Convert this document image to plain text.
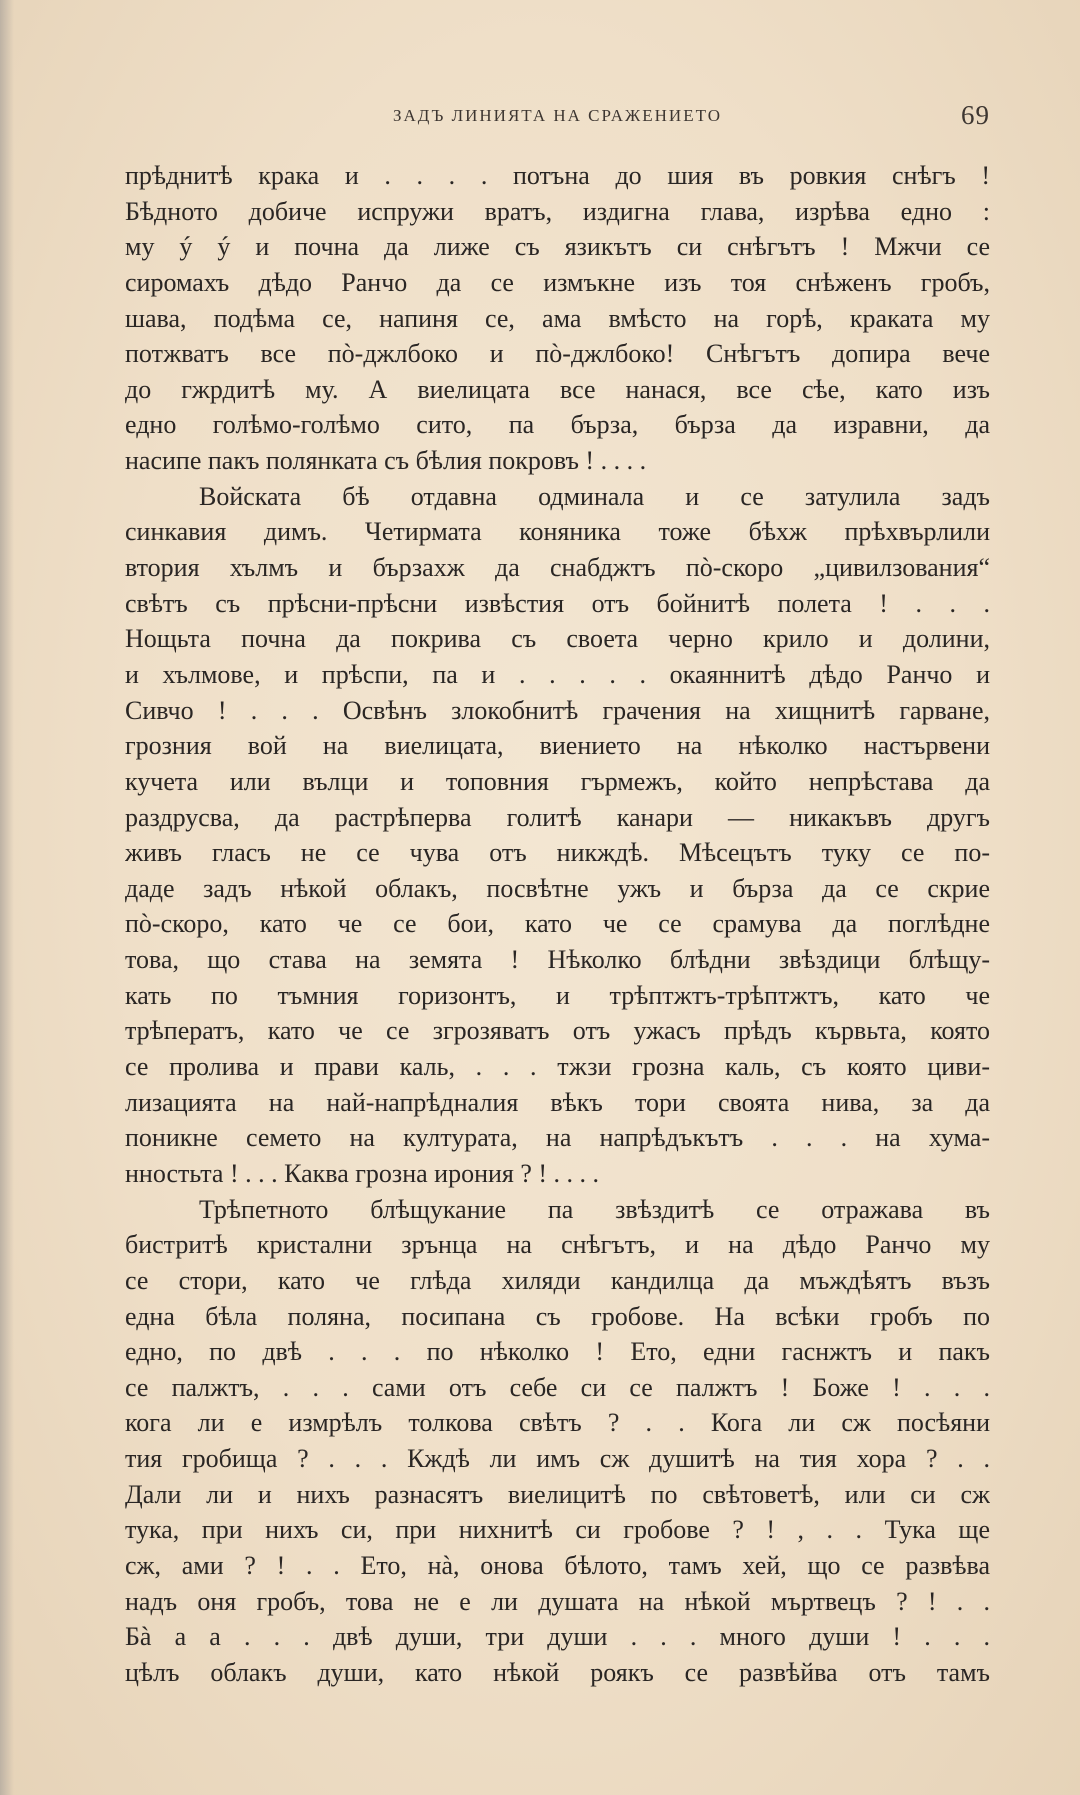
ЗАДЪ ЛИНИЯТА НА СРАЖЕНИЕТО	69
прѣднитѣ крака и . . . . потъна до шия въ ровкия снѣгъ !
Бѣдното добиче испружи вратъ, издигна глава, изрѣва едно :
му ý ý и почна да лиже съ язикътъ си снѣгътъ ! Мжчи се
сиромахъ дѣдо Ранчо да се измъкне изъ тоя снѣженъ гробъ,
шава, подѣма се, напиня се, ама вмѣсто на горѣ, краката му
потжватъ все пò-джлбоко и пò-джлбоко! Снѣгътъ допира вече
до гжрдитѣ му. А виелицата все нанася, все сѣе, като изъ
едно голѣмо-голѣмо сито, па бърза, бърза да изравни, да
насипе пакъ полянката съ бѣлия покровъ ! . . . .
Войската бѣ отдавна одминала и се затулила задъ
синкавия димъ. Четирмата коняника тоже бѣхж прѣхвърлили
втория хълмъ и бързахж да снабджтъ пò-скоро „цивилзования“
свѣтъ съ прѣсни-прѣсни извѣстия отъ бойнитѣ полета ! . . .
Нощьта почна да покрива съ своета черно крило и долини,
и хълмове, и прѣспи, па и . . . . . окаяннитѣ дѣдо Ранчо и
Сивчо ! . . . Освѣнъ злокобнитѣ грачения на хищнитѣ гарване,
грозния вой на виелицата, виението на нѣколко настървени
кучета или вълци и топовния гърмежъ, който непрѣстава да
раздрусва, да растрѣперва голитѣ канари — никакъвъ другъ
живъ гласъ не се чува отъ никждѣ. Мѣсецътъ туку се по-
даде задъ нѣкой облакъ, посвѣтне ужъ и бърза да се скрие
пò-скоро, като че се бои, като че се срамува да поглѣдне
това, що става на земята ! Нѣколко блѣдни звѣздици блѣщу-
кать по тъмния горизонтъ, и трѣптжтъ-трѣптжтъ, като че
трѣператъ, като че се згрозяватъ отъ ужасъ прѣдъ кървьта, която
се пролива и прави каль, . . . тжзи грозна каль, съ която циви-
лизацията на най-напрѣдналия вѣкъ тори своята нива, за да
поникне семето на културата, на напрѣдъкътъ . . . на хума-
нностьта ! . . . Каква грозна ирония ? ! . . . .
Трѣпетното блѣщукание па звѣздитѣ се отражава въ
бистритѣ кристални зрънца на снѣгътъ, и на дѣдо Ранчо му
се стори, като че глѣда хиляди кандилца да мъждѣятъ възъ
една бѣла поляна, посипана съ гробове. На всѣки гробъ по
едно, по двѣ . . . по нѣколко ! Ето, едни гаснжтъ и пакъ
се палжтъ, . . . сами отъ себе си се палжтъ ! Боже ! . . .
кога ли е измрѣлъ толкова свѣтъ ? . . Кога ли сж посѣяни
тия гробища ? . . . Кждѣ ли имъ сж душитѣ на тия хора ? . .
Дали ли и нихъ разнасятъ виелицитѣ по свѣтоветѣ, или си сж
тука, при нихъ си, при нихнитѣ си гробове ? ! , . . Тука ще
сж, ами ? ! . . Ето, нà, онова бѣлото, тамъ хей, що се развѣва
надъ оня гробъ, това не е ли душата на нѣкой мъртвецъ ? ! . .
Бà а а . . . двѣ души, три души . . . много души ! . . .
цѣлъ облакъ души, като нѣкой роякъ се развѣйва отъ тамъ
